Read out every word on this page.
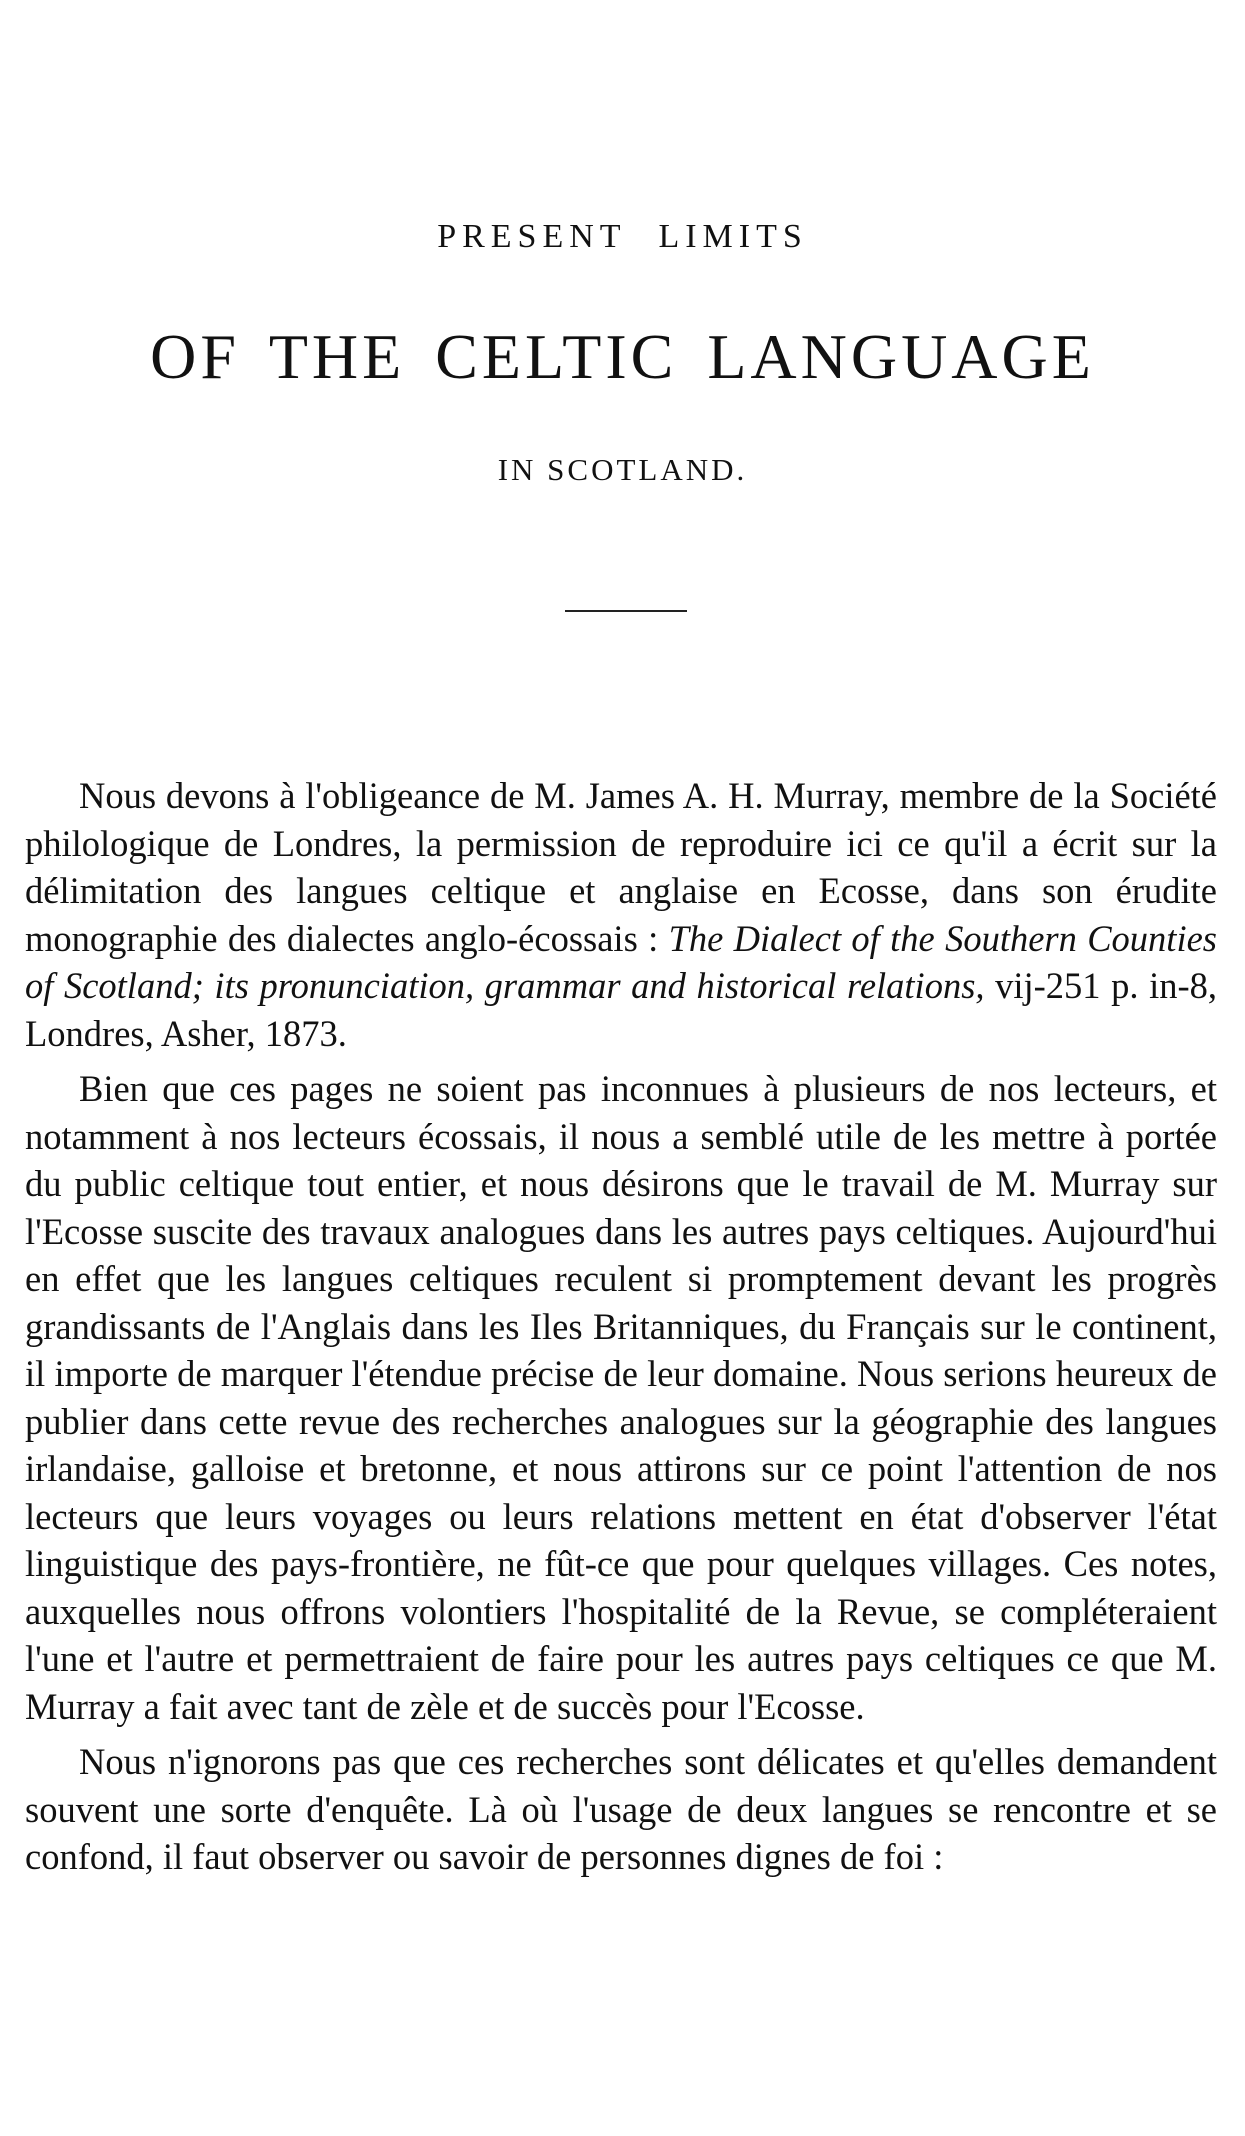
PRESENT LIMITS
OF THE CELTIC LANGUAGE
IN SCOTLAND.

Nous devons à l'obligeance de M. James A. H. Murray, membre de la Société philologique de Londres, la permission de reproduire ici ce qu'il a écrit sur la délimitation des langues celtique et anglaise en Ecosse, dans son érudite monographie des dialectes anglo-écossais : The Dialect of the Southern Counties of Scotland; its pronunciation, grammar and historical relations, vij-251 p. in-8, Londres, Asher, 1873.

Bien que ces pages ne soient pas inconnues à plusieurs de nos lecteurs, et notamment à nos lecteurs écossais, il nous a semblé utile de les mettre à portée du public celtique tout entier, et nous désirons que le travail de M. Murray sur l'Ecosse suscite des travaux analogues dans les autres pays celtiques. Aujourd'hui en effet que les langues celtiques reculent si promptement devant les progrès grandissants de l'Anglais dans les Iles Britanniques, du Français sur le continent, il importe de marquer l'étendue précise de leur domaine. Nous serions heureux de publier dans cette revue des recherches analogues sur la géographie des langues irlandaise, galloise et bretonne, et nous attirons sur ce point l'attention de nos lecteurs que leurs voyages ou leurs relations mettent en état d'observer l'état linguistique des pays-frontière, ne fût-ce que pour quelques villages. Ces notes, auxquelles nous offrons volontiers l'hospitalité de la Revue, se compléteraient l'une et l'autre et permettraient de faire pour les autres pays celtiques ce que M. Murray a fait avec tant de zèle et de succès pour l'Ecosse.

Nous n'ignorons pas que ces recherches sont délicates et qu'elles demandent souvent une sorte d'enquête. Là où l'usage de deux langues se rencontre et se confond, il faut observer ou savoir de personnes dignes de foi :
